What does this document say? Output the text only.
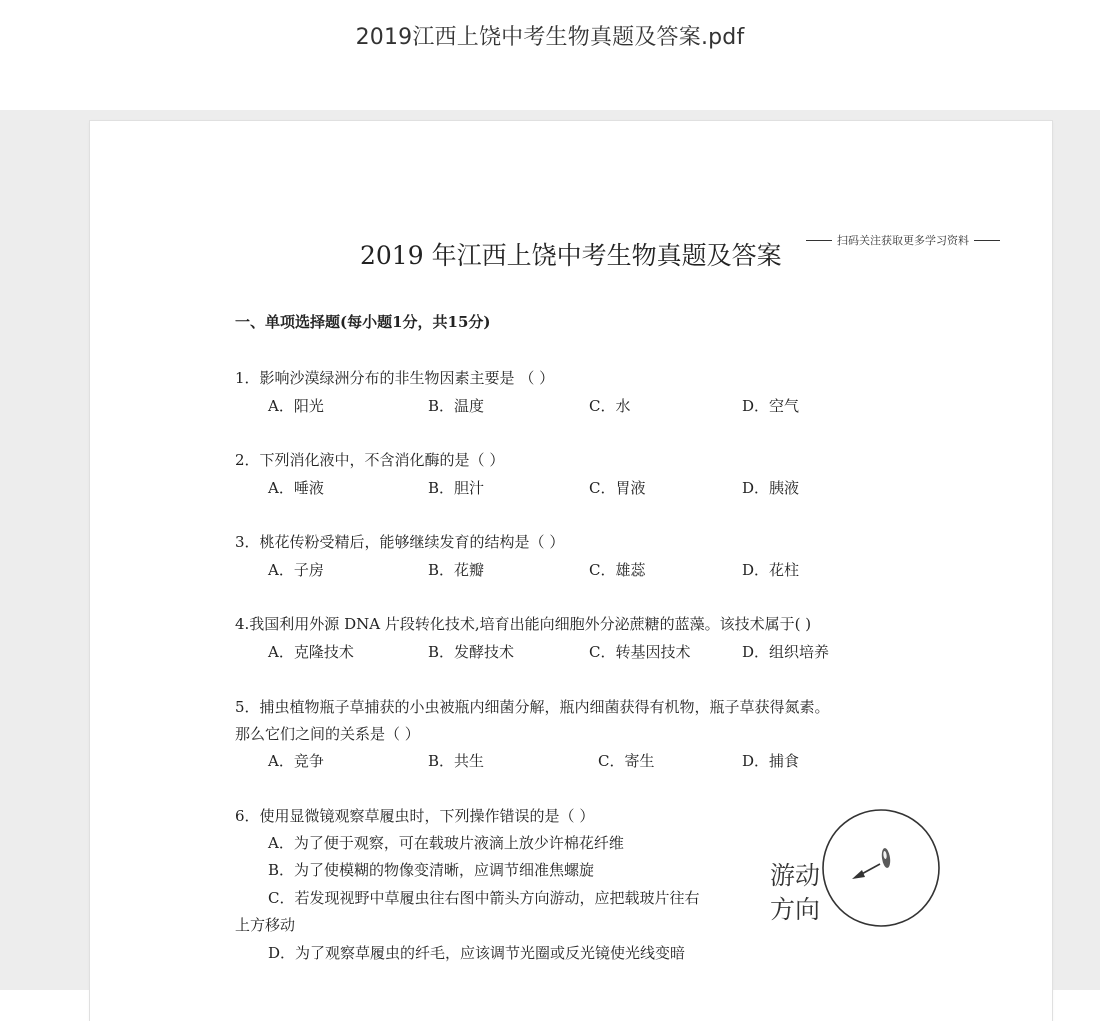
2019江西上饶中考生物真题及答案.pdf
2019 年江西上饶中考生物真题及答案
扫码关注获取更多学习资料
一、单项选择题(每小题1分，共15分)
1．影响沙漠绿洲分布的非生物因素主要是 （ ）
A．阳光	B．温度	C．水	D．空气
2．下列消化液中，不含消化酶的是（ ）
A．唾液	B．胆汁	C．胃液	D．胰液
3．桃花传粉受精后，能够继续发育的结构是（ ）
A．子房	B．花瓣	C．雄蕊	D．花柱
4.我国利用外源 DNA 片段转化技术,培育出能向细胞外分泌蔗糖的蓝藻。该技术属于( )
A．克隆技术	B．发酵技术	C．转基因技术	D．组织培养
5．捕虫植物瓶子草捕获的小虫被瓶内细菌分解，瓶内细菌获得有机物，瓶子草获得氮素。
那么它们之间的关系是（ ）
A．竞争	B．共生	C．寄生	D．捕食
6．使用显微镜观察草履虫时，下列操作错误的是（ ）
A．为了便于观察，可在载玻片液滴上放少许棉花纤维
B．为了使模糊的物像变清晰，应调节细准焦螺旋
C．若发现视野中草履虫往右图中箭头方向游动，应把载玻片往右
上方移动
D．为了观察草履虫的纤毛，应该调节光圈或反光镜使光线变暗
游动
方向
